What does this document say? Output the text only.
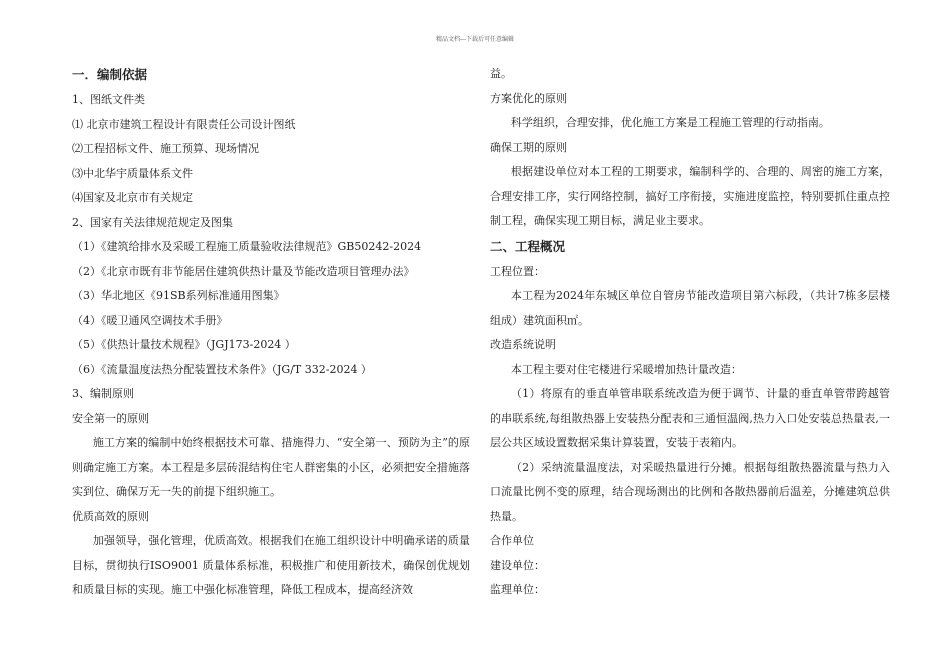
精品文档---下载后可任意编辑
一．编制依据
1、图纸文件类
⑴ 北京市建筑工程设计有限责任公司设计图纸
⑵工程招标文件、施工预算、现场情况
⑶中北华宇质量体系文件
⑷国家及北京市有关规定
2、国家有关法律规范规定及图集
（1）《建筑给排水及采暖工程施工质量验收法律规范》GB50242-2024
（2）《北京市既有非节能居住建筑供热计量及节能改造项目管理办法》
（3）华北地区《91SB系列标准通用图集》
（4）《暖卫通风空调技术手册》
（5）《供热计量技术规程》（JGJ173-2024 ）
（6）《流量温度法热分配装置技术条件》（JG/T 332-2024 ）
3、编制原则
安全第一的原则
施工方案的编制中始终根据技术可靠、措施得力、“安全第一、预防为主”的原则确定施工方案。本工程是多层砖混结构住宅人群密集的小区，必须把安全措施落实到位、确保万无一失的前提下组织施工。
优质高效的原则
加强领导，强化管理，优质高效。根据我们在施工组织设计中明确承诺的质量目标，贯彻执行ISO9001 质量体系标准，积极推广和使用新技术，确保创优规划和质量目标的实现。施工中强化标准管理，降低工程成本，提高经济效
益。
方案优化的原则
科学组织，合理安排，优化施工方案是工程施工管理的行动指南。
确保工期的原则
根据建设单位对本工程的工期要求，编制科学的、合理的、周密的施工方案，合理安排工序，实行网络控制，搞好工序衔接，实施进度监控，特别要抓住重点控制工程，确保实现工期目标，满足业主要求。
二、工程概况
工程位置：
本工程为2024年东城区单位自管房节能改造项目第六标段，（共计7栋多层楼组成）建筑面积㎡。
改造系统说明
本工程主要对住宅楼进行采暖增加热计量改造：
（1）将原有的垂直单管串联系统改造为便于调节、计量的垂直单管带跨越管的串联系统,每组散热器上安装热分配表和三通恒温阀,热力入口处安装总热量表,一层公共区域设置数据采集计算装置，安装于表箱内。
（2）采纳流量温度法，对采暖热量进行分摊。根据每组散热器流量与热力入口流量比例不变的原理，结合现场测出的比例和各散热器前后温差，分摊建筑总供热量。
合作单位
建设单位：
监理单位：
